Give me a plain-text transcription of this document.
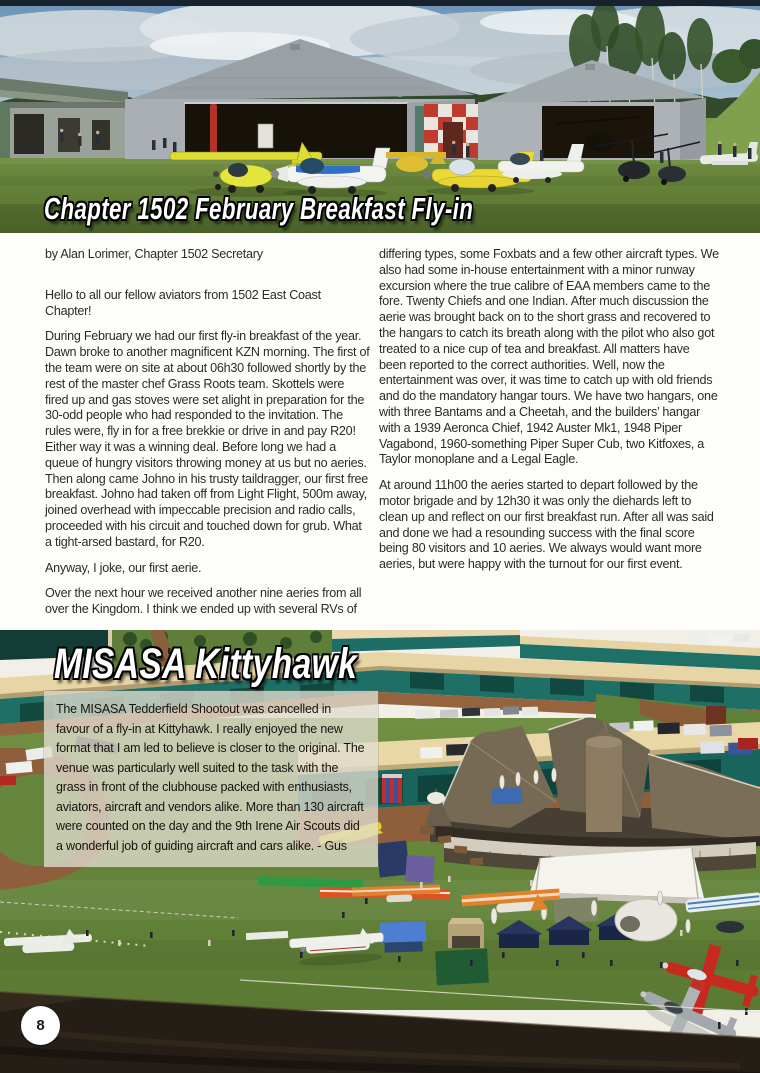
Chapter 1502 February Breakfast Fly-in

by Alan Lorimer, Chapter 1502 Secretary

Hello to all our fellow aviators from 1502 East Coast Chapter!

During February we had our first fly-in breakfast of the year. Dawn broke to another magnificent KZN morning. The first of the team were on site at about 06h30 followed shortly by the rest of the master chef Grass Roots team. Skottels were fired up and gas stoves were set alight in preparation for the 30-odd people who had responded to the invitation. The rules were, fly in for a free brekkie or drive in and pay R20! Either way it was a winning deal. Before long we had a queue of hungry visitors throwing money at us but no aeries. Then along came Johno in his trusty taildragger, our first free breakfast. Johno had taken off from Light Flight, 500m away, joined overhead with impeccable precision and radio calls, proceeded with his circuit and touched down for grub. What a tight-arsed bastard, for R20.

Anyway, I joke, our first aerie.

Over the next hour we received another nine aeries from all over the Kingdom. I think we ended up with several RVs of

differing types, some Foxbats and a few other aircraft types. We also had some in-house entertainment with a minor runway excursion where the true calibre of EAA members came to the fore. Twenty Chiefs and one Indian. After much discussion the aerie was brought back on to the short grass and recovered to the hangars to catch its breath along with the pilot who also got treated to a nice cup of tea and breakfast. All matters have been reported to the correct authorities. Well, now the entertainment was over, it was time to catch up with old friends and do the mandatory hangar tours. We have two hangars, one with three Bantams and a Cheetah, and the builders’ hangar with a 1939 Aeronca Chief, 1942 Auster Mk1, 1948 Piper Vagabond, 1960-something Piper Super Cub, two Kitfoxes, a Taylor monoplane and a Legal Eagle.

At around 11h00 the aeries started to depart followed by the motor brigade and by 12h30 it was only the diehards left to clean up and reflect on our first breakfast run. After all was said and done we had a resounding success with the final score being 80 visitors and 10 aeries. We always would want more aeries, but were happy with the turnout for our first event.

MISASA Kittyhawk
The MISASA Tedderfield Shootout was cancelled in favour of a fly-in at Kittyhawk. I really enjoyed the new format that I am led to believe is closer to the original. The venue was particularly well suited to the task with the grass in front of the clubhouse packed with enthusiasts, aviators, aircraft and vendors alike. More than 130 aircraft were counted on the day and the 9th Irene Air Scouts did a wonderful job of guiding aircraft and cars alike. - Gus
8
